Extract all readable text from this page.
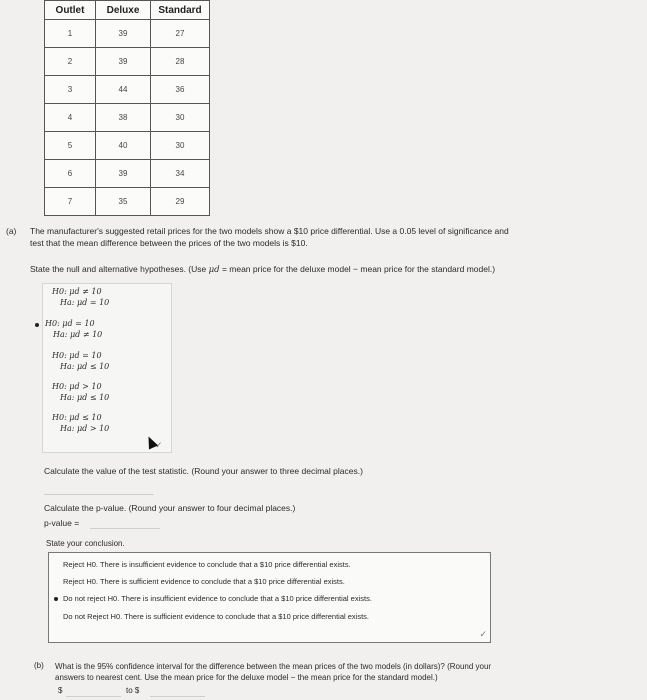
Outlet	Deluxe	Standard
1	39	27
2	39	28
3	44	36
4	38	30
5	40	30
6	39	34
7	35	29
(a) The manufacturer's suggested retail prices for the two models show a $10 price differential. Use a 0.05 level of significance and
test that the mean difference between the prices of the two models is $10.
State the null and alternative hypotheses. (Use μd = mean price for the deluxe model − mean price for the standard model.)
H0: μd ≠ 10
Ha: μd = 10
H0: μd = 10
Ha: μd ≠ 10
H0: μd = 10
Ha: μd ≤ 10
H0: μd > 10
Ha: μd ≤ 10
H0: μd ≤ 10
Ha: μd > 10
✓
Calculate the value of the test statistic. (Round your answer to three decimal places.)
Calculate the p-value. (Round your answer to four decimal places.)
p-value =
State your conclusion.
Reject H0. There is insufficient evidence to conclude that a $10 price differential exists.
Reject H0. There is sufficient evidence to conclude that a $10 price differential exists.
Do not reject H0. There is insufficient evidence to conclude that a $10 price differential exists.
Do not Reject H0. There is sufficient evidence to conclude that a $10 price differential exists.
✓
(b) What is the 95% confidence interval for the difference between the mean prices of the two models (in dollars)? (Round your
answers to nearest cent. Use the mean price for the deluxe model − the mean price for the standard model.)
$	to $
